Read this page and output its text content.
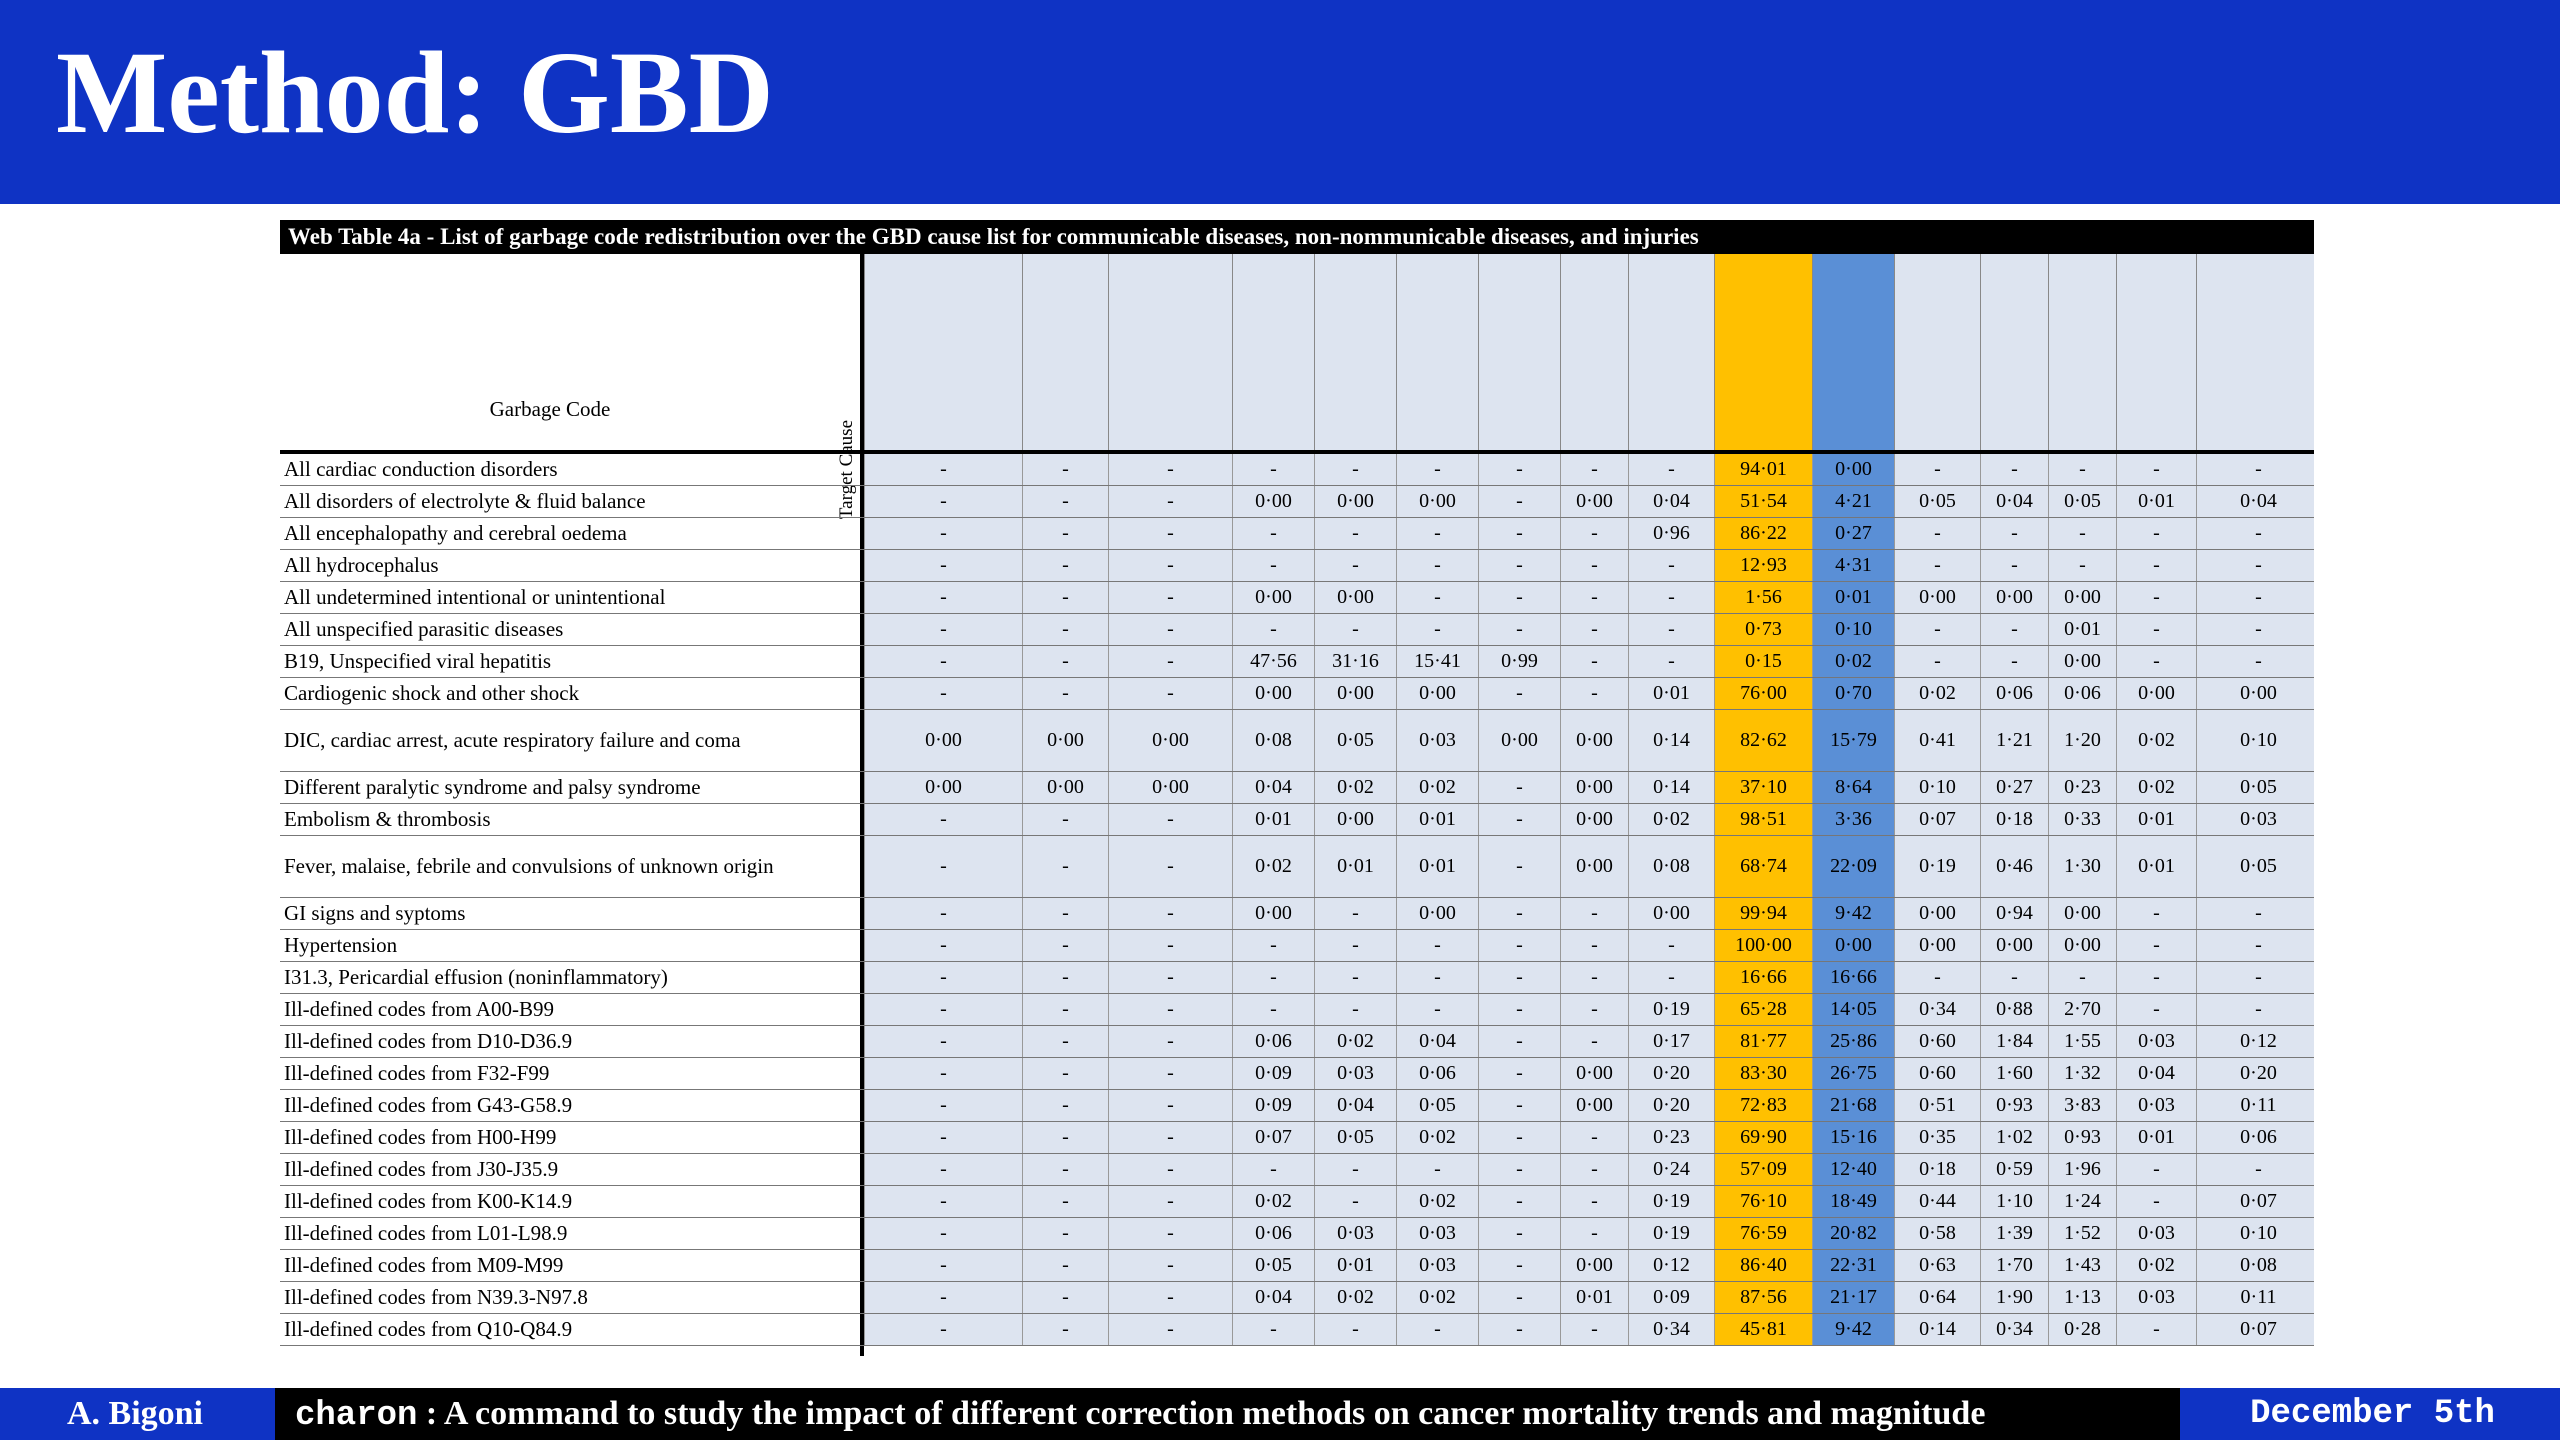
Method: GBD
Web Table 4a - List of garbage code redistribution over the GBD cause list for communicable diseases, non-nommunicable diseases, and injuries
Garbage Code
Target Cause
All cardiac conduction disorders	-	-	-	-	-	-	-	-	-	94·01	0·00	-	-	-	-	-
All disorders of electrolyte & fluid balance	-	-	-	0·00	0·00	0·00	-	0·00	0·04	51·54	4·21	0·05	0·04	0·05	0·01	0·04
All encephalopathy and cerebral oedema	-	-	-	-	-	-	-	-	0·96	86·22	0·27	-	-	-	-	-
All hydrocephalus	-	-	-	-	-	-	-	-	-	12·93	4·31	-	-	-	-	-
All undetermined intentional or unintentional	-	-	-	0·00	0·00	-	-	-	-	1·56	0·01	0·00	0·00	0·00	-	-
All unspecified parasitic diseases	-	-	-	-	-	-	-	-	-	0·73	0·10	-	-	0·01	-	-
B19, Unspecified viral hepatitis	-	-	-	47·56	31·16	15·41	0·99	-	-	0·15	0·02	-	-	0·00	-	-
Cardiogenic shock and other shock	-	-	-	0·00	0·00	0·00	-	-	0·01	76·00	0·70	0·02	0·06	0·06	0·00	0·00
DIC, cardiac arrest, acute respiratory failure and coma	0·00	0·00	0·00	0·08	0·05	0·03	0·00	0·00	0·14	82·62	15·79	0·41	1·21	1·20	0·02	0·10
Different paralytic syndrome and palsy syndrome	0·00	0·00	0·00	0·04	0·02	0·02	-	0·00	0·14	37·10	8·64	0·10	0·27	0·23	0·02	0·05
Embolism & thrombosis	-	-	-	0·01	0·00	0·01	-	0·00	0·02	98·51	3·36	0·07	0·18	0·33	0·01	0·03
Fever, malaise, febrile and convulsions of unknown origin	-	-	-	0·02	0·01	0·01	-	0·00	0·08	68·74	22·09	0·19	0·46	1·30	0·01	0·05
GI signs and syptoms	-	-	-	0·00	-	0·00	-	-	0·00	99·94	9·42	0·00	0·94	0·00	-	-
Hypertension	-	-	-	-	-	-	-	-	-	100·00	0·00	0·00	0·00	0·00	-	-
I31.3, Pericardial effusion (noninflammatory)	-	-	-	-	-	-	-	-	-	16·66	16·66	-	-	-	-	-
Ill-defined codes from A00-B99	-	-	-	-	-	-	-	-	0·19	65·28	14·05	0·34	0·88	2·70	-	-
Ill-defined codes from D10-D36.9	-	-	-	0·06	0·02	0·04	-	-	0·17	81·77	25·86	0·60	1·84	1·55	0·03	0·12
Ill-defined codes from F32-F99	-	-	-	0·09	0·03	0·06	-	0·00	0·20	83·30	26·75	0·60	1·60	1·32	0·04	0·20
Ill-defined codes from G43-G58.9	-	-	-	0·09	0·04	0·05	-	0·00	0·20	72·83	21·68	0·51	0·93	3·83	0·03	0·11
Ill-defined codes from H00-H99	-	-	-	0·07	0·05	0·02	-	-	0·23	69·90	15·16	0·35	1·02	0·93	0·01	0·06
Ill-defined codes from J30-J35.9	-	-	-	-	-	-	-	-	0·24	57·09	12·40	0·18	0·59	1·96	-	-
Ill-defined codes from K00-K14.9	-	-	-	0·02	-	0·02	-	-	0·19	76·10	18·49	0·44	1·10	1·24	-	0·07
Ill-defined codes from L01-L98.9	-	-	-	0·06	0·03	0·03	-	-	0·19	76·59	20·82	0·58	1·39	1·52	0·03	0·10
Ill-defined codes from M09-M99	-	-	-	0·05	0·01	0·03	-	0·00	0·12	86·40	22·31	0·63	1·70	1·43	0·02	0·08
Ill-defined codes from N39.3-N97.8	-	-	-	0·04	0·02	0·02	-	0·01	0·09	87·56	21·17	0·64	1·90	1·13	0·03	0·11
Ill-defined codes from Q10-Q84.9	-	-	-	-	-	-	-	-	0·34	45·81	9·42	0·14	0·34	0·28	-	0·07
A. Bigoni	charon : A command to study the impact of different correction methods on cancer mortality trends and magnitude	December 5th
